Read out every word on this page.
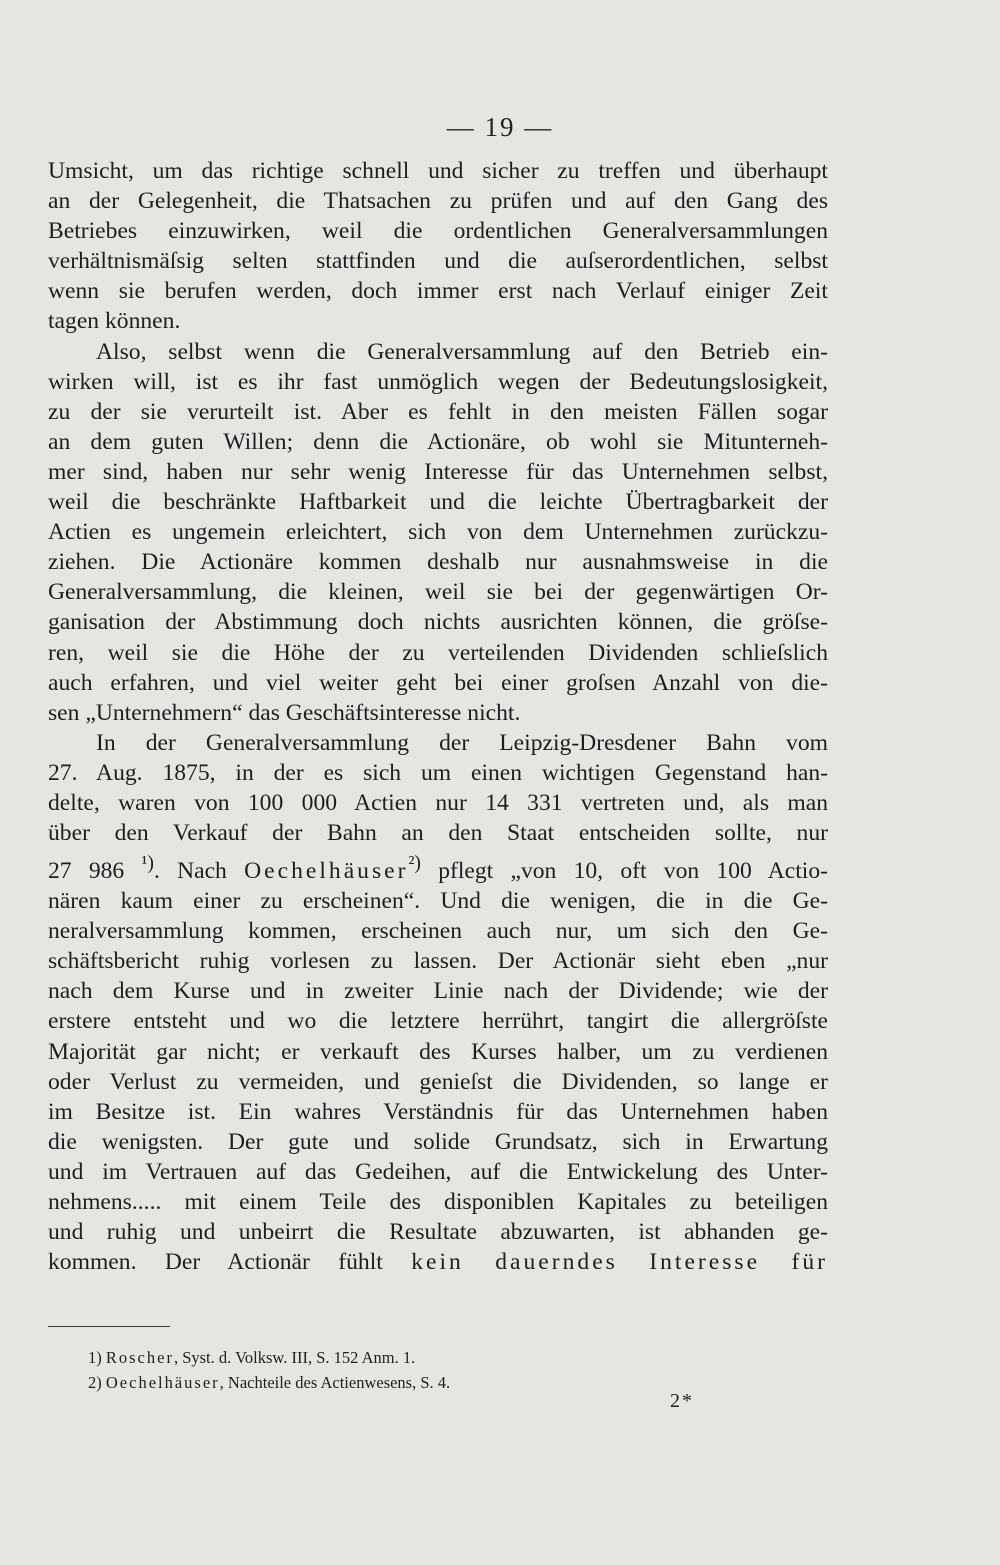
— 19 —
Umsicht, um das richtige schnell und sicher zu treffen und überhaupt
an der Gelegenheit, die Thatsachen zu prüfen und auf den Gang des
Betriebes einzuwirken, weil die ordentlichen Generalversammlungen
verhältnismäſsig selten stattfinden und die auſserordentlichen, selbst
wenn sie berufen werden, doch immer erst nach Verlauf einiger Zeit
tagen können.
Also, selbst wenn die Generalversammlung auf den Betrieb ein-
wirken will, ist es ihr fast unmöglich wegen der Bedeutungslosigkeit,
zu der sie verurteilt ist. Aber es fehlt in den meisten Fällen sogar
an dem guten Willen; denn die Actionäre, ob wohl sie Mitunterneh-
mer sind, haben nur sehr wenig Interesse für das Unternehmen selbst,
weil die beschränkte Haftbarkeit und die leichte Übertragbarkeit der
Actien es ungemein erleichtert, sich von dem Unternehmen zurückzu-
ziehen. Die Actionäre kommen deshalb nur ausnahmsweise in die
Generalversammlung, die kleinen, weil sie bei der gegenwärtigen Or-
ganisation der Abstimmung doch nichts ausrichten können, die gröſse-
ren, weil sie die Höhe der zu verteilenden Dividenden schlieſslich
auch erfahren, und viel weiter geht bei einer groſsen Anzahl von die-
sen „Unternehmern“ das Geschäftsinteresse nicht.
In der Generalversammlung der Leipzig-Dresdener Bahn vom
27. Aug. 1875, in der es sich um einen wichtigen Gegenstand han-
delte, waren von 100 000 Actien nur 14 331 vertreten und, als man
über den Verkauf der Bahn an den Staat entscheiden sollte, nur
27 986 $^{^1)}$. Nach Oechelhäuser$^{^2)}$ pflegt „von 10, oft von 100 Actio-
nären kaum einer zu erscheinen“. Und die wenigen, die in die Ge-
neralversammlung kommen, erscheinen auch nur, um sich den Ge-
schäftsbericht ruhig vorlesen zu lassen. Der Actionär sieht eben „nur
nach dem Kurse und in zweiter Linie nach der Dividende; wie der
erstere entsteht und wo die letztere herrührt, tangirt die allergröſste
Majorität gar nicht; er verkauft des Kurses halber, um zu verdienen
oder Verlust zu vermeiden, und genieſst die Dividenden, so lange er
im Besitze ist. Ein wahres Verständnis für das Unternehmen haben
die wenigsten. Der gute und solide Grundsatz, sich in Erwartung
und im Vertrauen auf das Gedeihen, auf die Entwickelung des Unter-
nehmens..... mit einem Teile des disponiblen Kapitales zu beteiligen
und ruhig und unbeirrt die Resultate abzuwarten, ist abhanden ge-
kommen. Der Actionär fühlt kein dauerndes Interesse für
1) Roscher, Syst. d. Volksw. III, S. 152 Anm. 1.
2) Oechelhäuser, Nachteile des Actienwesens, S. 4.
2*
